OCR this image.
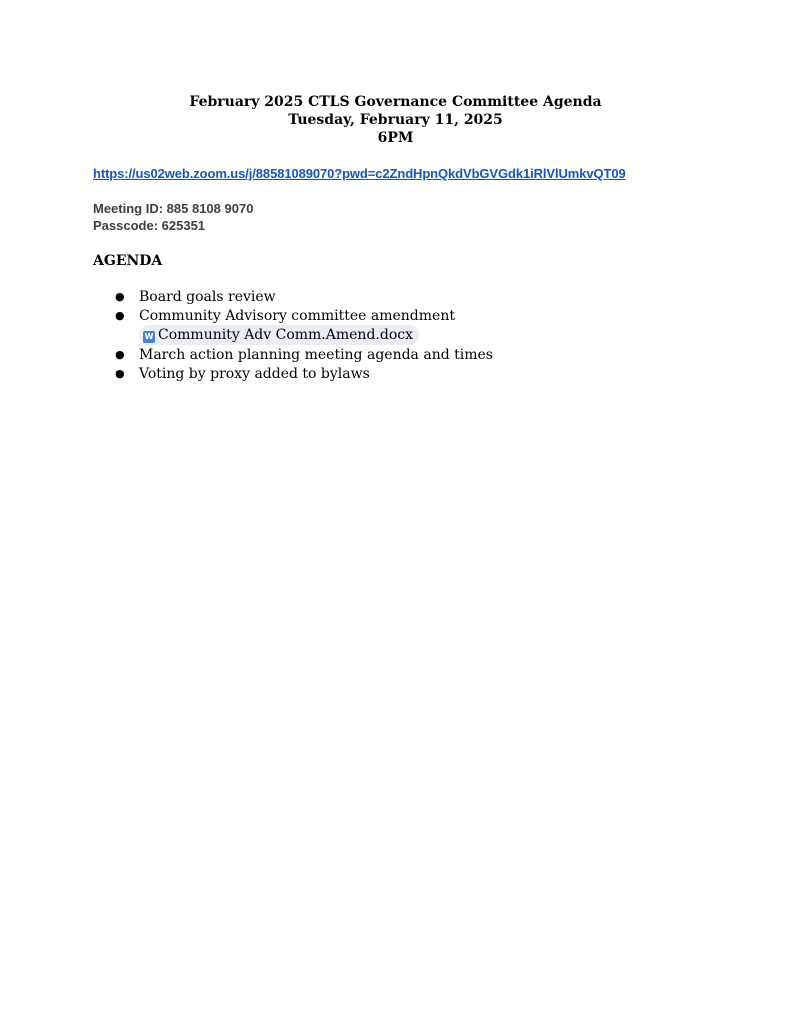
February 2025 CTLS Governance Committee Agenda
Tuesday, February 11, 2025
6PM
https://us02web.zoom.us/j/88581089070?pwd=c2ZndHpnQkdVbGVGdk1iRlVlUmkvQT09
Meeting ID: 885 8108 9070
Passcode: 625351
AGENDA
● Board goals review
● Community Advisory committee amendment
W Community Adv Comm.Amend.docx
● March action planning meeting agenda and times
● Voting by proxy added to bylaws
